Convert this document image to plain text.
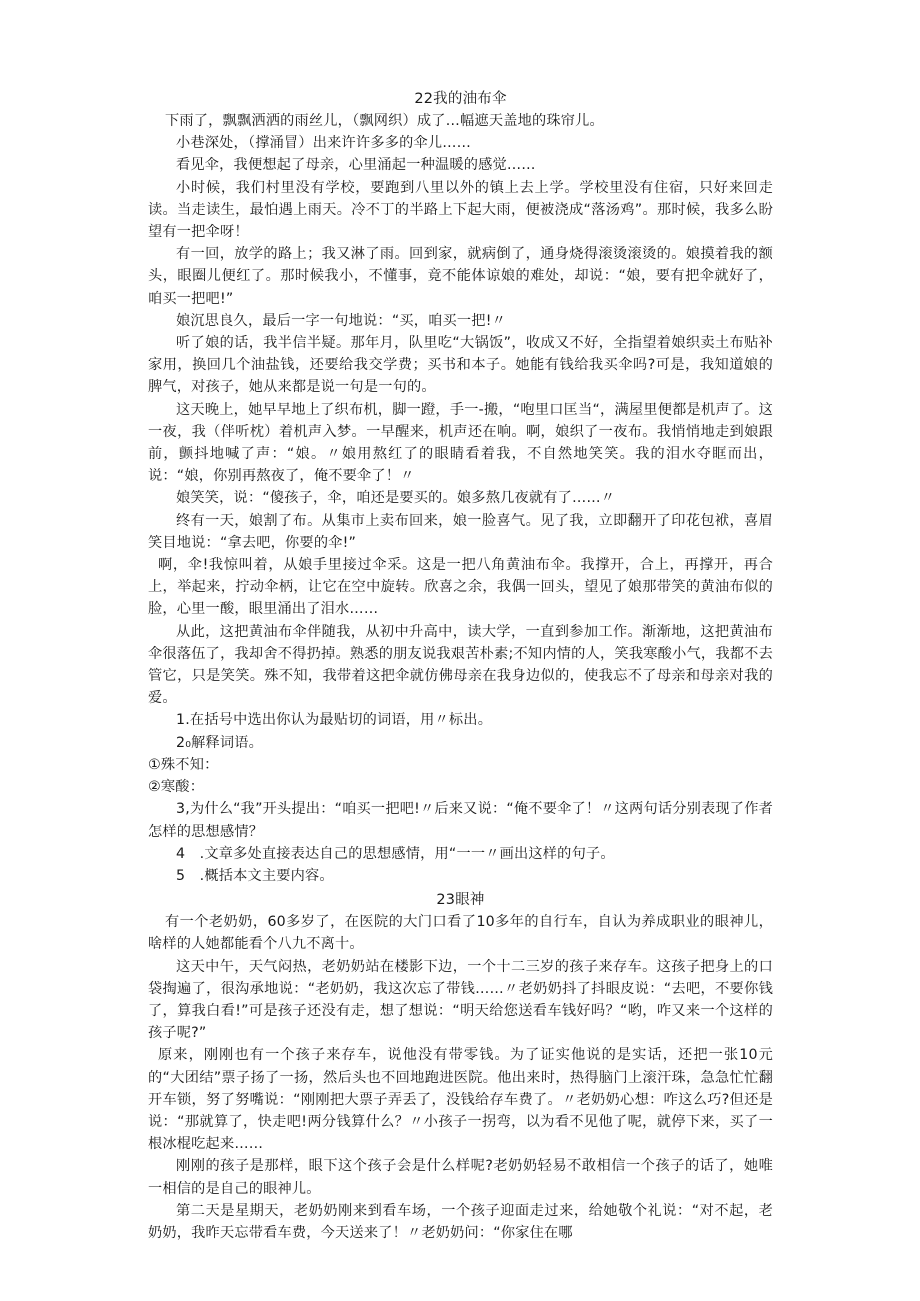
22我的油布伞

下雨了，飘飘洒洒的雨丝儿，（飘网织）成了…幅遮天盖地的珠帘儿。

小巷深处，（撑涌冒）出来许许多多的伞儿……

看见伞，我便想起了母亲，心里涌起一种温暖的感觉……

小时候，我们村里没有学校，要跑到八里以外的镇上去上学。学校里没有住宿，只好来回走读。当走读生，最怕遇上雨天。冷不丁的半路上下起大雨，便被浇成“落汤鸡”。那时候，我多么盼望有一把伞呀！

有一回，放学的路上；我又淋了雨。回到家，就病倒了，通身烧得滚烫滚烫的。娘摸着我的额头，眼圈儿便红了。那时候我小，不懂事，竟不能体谅娘的难处，却说：“娘，要有把伞就好了，咱买一把吧!”

娘沉思良久，最后一字一句地说：“买，咱买一把!〃

听了娘的话，我半信半疑。那年月，队里吃“大锅饭”，收成又不好，全指望着娘织卖土布贴补家用，换回几个油盐钱，还要给我交学费；买书和本子。她能有钱给我买伞吗?可是，我知道娘的脾气，对孩子，她从来都是说一句是一句的。

这天晚上，她早早地上了织布机，脚一蹬，手一-搬，“咆里口匡当“，满屋里便都是机声了。这一夜，我（伴听枕）着机声入梦。一早醒来，机声还在响。啊，娘织了一夜布。我悄悄地走到娘跟前，颤抖地喊了声：“娘。〃娘用熬红了的眼睛看着我，不自然地笑笑。我的泪水夺眶而出，说：“娘，你别再熬夜了，俺不要伞了！〃

娘笑笑，说：“傻孩子，伞，咱还是要买的。娘多熬几夜就有了……〃

终有一天，娘割了布。从集市上卖布回来，娘一脸喜气。见了我，立即翻开了印花包袱，喜眉笑目地说：“拿去吧，你要的伞!”

啊，伞!我惊叫着，从娘手里接过伞采。这是一把八角黄油布伞。我撑开，合上，再撑开，再合上，举起来，拧动伞柄，让它在空中旋转。欣喜之余，我偶一回头，望见了娘那带笑的黄油布似的脸，心里一酸，眼里涌出了泪水……

从此，这把黄油布伞伴随我，从初中升高中，读大学，一直到参加工作。渐渐地，这把黄油布伞很落伍了，我却舍不得扔掉。熟悉的朋友说我艰苦朴素;不知内情的人，笑我寒酸小气，我都不去管它，只是笑笑。殊不知，我带着这把伞就仿佛母亲在我身边似的，使我忘不了母亲和母亲对我的爱。

1.在括号中选出你认为最贴切的词语，用〃标出。

2₀解释词语。

①殊不知：

②寒酸：

3,为什么“我”开头提出：“咱买一把吧!〃后来又说：“俺不要伞了！〃这两句话分别表现了作者怎样的思想感情？

4 .文章多处直接表达自己的思想感情，用“一一〃画出这样的句子。

5 .概括本文主要内容。

23眼神

有一个老奶奶，60多岁了，在医院的大门口看了10多年的自行车，自认为养成职业的眼神儿，啥样的人她都能看个八九不离十。

这天中午，天气闷热，老奶奶站在楼影下边，一个十二三岁的孩子来存车。这孩子把身上的口袋掏遍了，很沟承地说：“老奶奶，我这次忘了带钱……〃老奶奶抖了抖眼皮说：“去吧，不要你钱了，算我白看!”可是孩子还没有走，想了想说：“明天给您送看车钱好吗？“哟，咋又来一个这样的孩子呢?”

原来，刚刚也有一个孩子来存车，说他没有带零钱。为了证实他说的是实话，还把一张10元的“大团结”票子扬了一扬，然后头也不回地跑进医院。他出来时，热得脑门上滚汗珠，急急忙忙翻开车锁，努了努嘴说：“刚刚把大票子弄丢了，没钱给存车费了。〃老奶奶心想：咋这么巧?但还是说：“那就算了，快走吧!两分钱算什么？〃小孩子一拐弯，以为看不见他了呢，就停下来，买了一根冰棍吃起来……

刚刚的孩子是那样，眼下这个孩子会是什么样呢?老奶奶轻易不敢相信一个孩子的话了，她唯一相信的是自己的眼神儿。

第二天是星期天，老奶奶刚来到看车场，一个孩子迎面走过来，给她敬个礼说：“对不起，老奶奶，我昨天忘带看车费，今天送来了！〃老奶奶问：“你家住在哪
